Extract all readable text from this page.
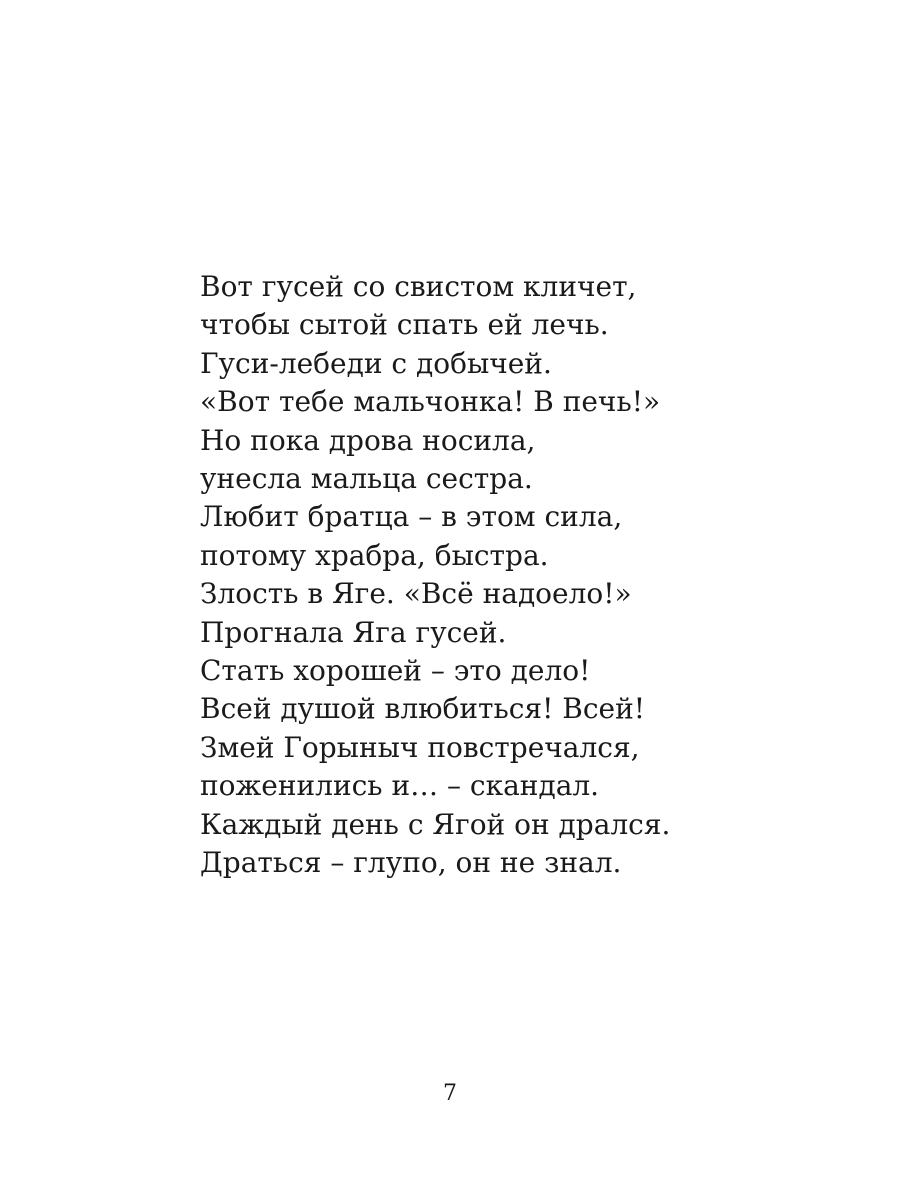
Вот гусей со свистом кличет,
чтобы сытой спать ей лечь.
Гуси-лебеди с добычей.
«Вот тебе мальчонка! В печь!»
Но пока дрова носила,
унесла мальца сестра.
Любит братца – в этом сила,
потому храбра, быстра.
Злость в Яге. «Всё надоело!»
Прогнала Яга гусей.
Стать хорошей – это дело!
Всей душой влюбиться! Всей!
Змей Горыныч повстречался,
поженились и… – скандал.
Каждый день с Ягой он дрался.
Драться – глупо, он не знал.
7
